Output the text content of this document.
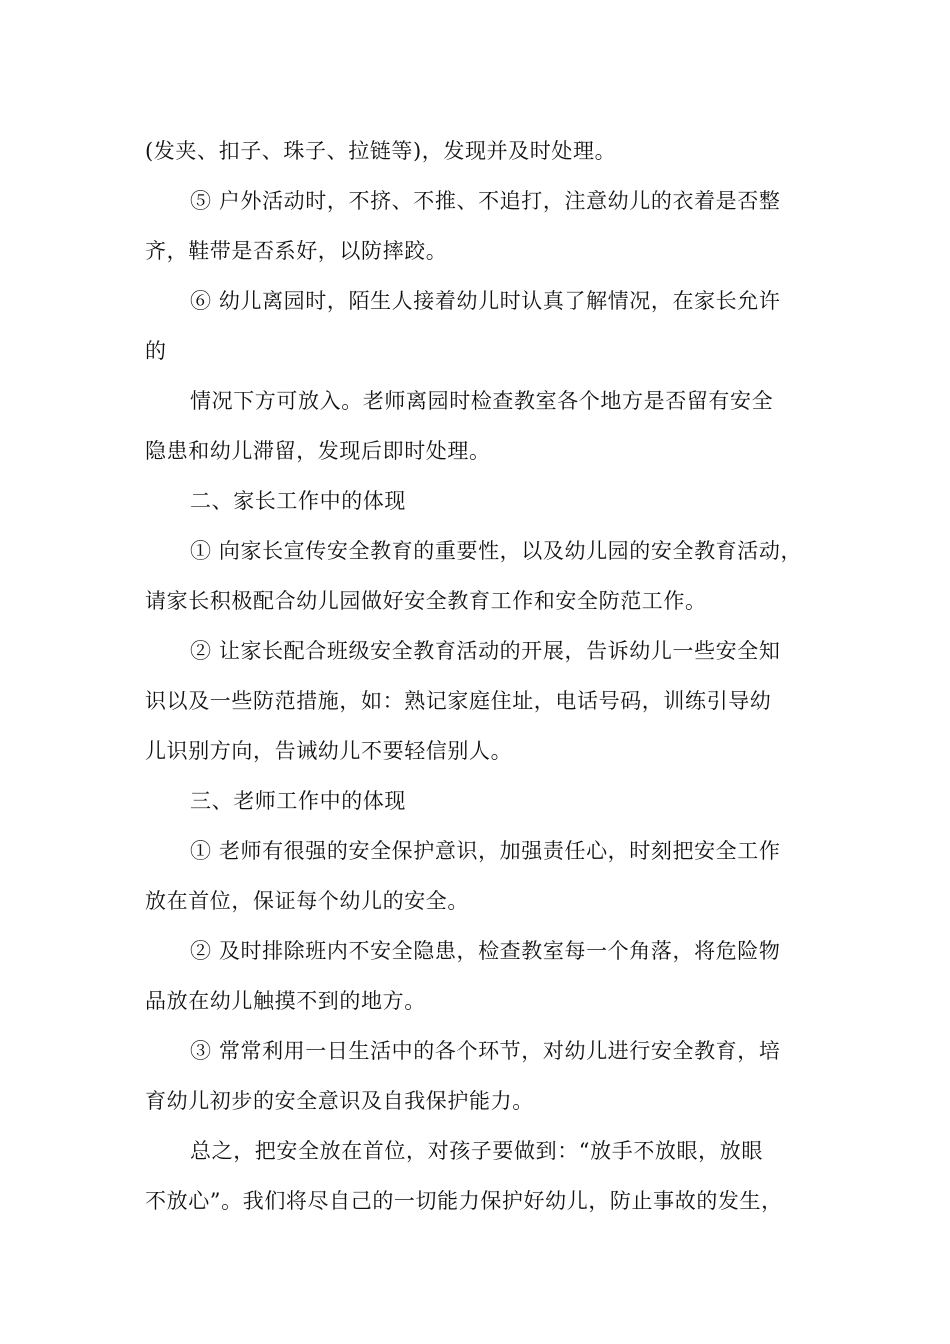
(发夹、扣子、珠子、拉链等)，发现并及时处理。
⑤ 户外活动时，不挤、不推、不追打，注意幼儿的衣着是否整
齐，鞋带是否系好，以防摔跤。
⑥ 幼儿离园时，陌生人接着幼儿时认真了解情况，在家长允许
的
情况下方可放入。老师离园时检查教室各个地方是否留有安全
隐患和幼儿滞留，发现后即时处理。
二、家长工作中的体现
① 向家长宣传安全教育的重要性，以及幼儿园的安全教育活动，
请家长积极配合幼儿园做好安全教育工作和安全防范工作。
② 让家长配合班级安全教育活动的开展，告诉幼儿一些安全知
识以及一些防范措施，如：熟记家庭住址，电话号码，训练引导幼
儿识别方向，告诫幼儿不要轻信别人。
三、老师工作中的体现
① 老师有很强的安全保护意识，加强责任心，时刻把安全工作
放在首位，保证每个幼儿的安全。
② 及时排除班内不安全隐患，检查教室每一个角落，将危险物
品放在幼儿触摸不到的地方。
③ 常常利用一日生活中的各个环节，对幼儿进行安全教育，培
育幼儿初步的安全意识及自我保护能力。
总之，把安全放在首位，对孩子要做到：“放手不放眼，放眼
不放心”。我们将尽自己的一切能力保护好幼儿，防止事故的发生，
